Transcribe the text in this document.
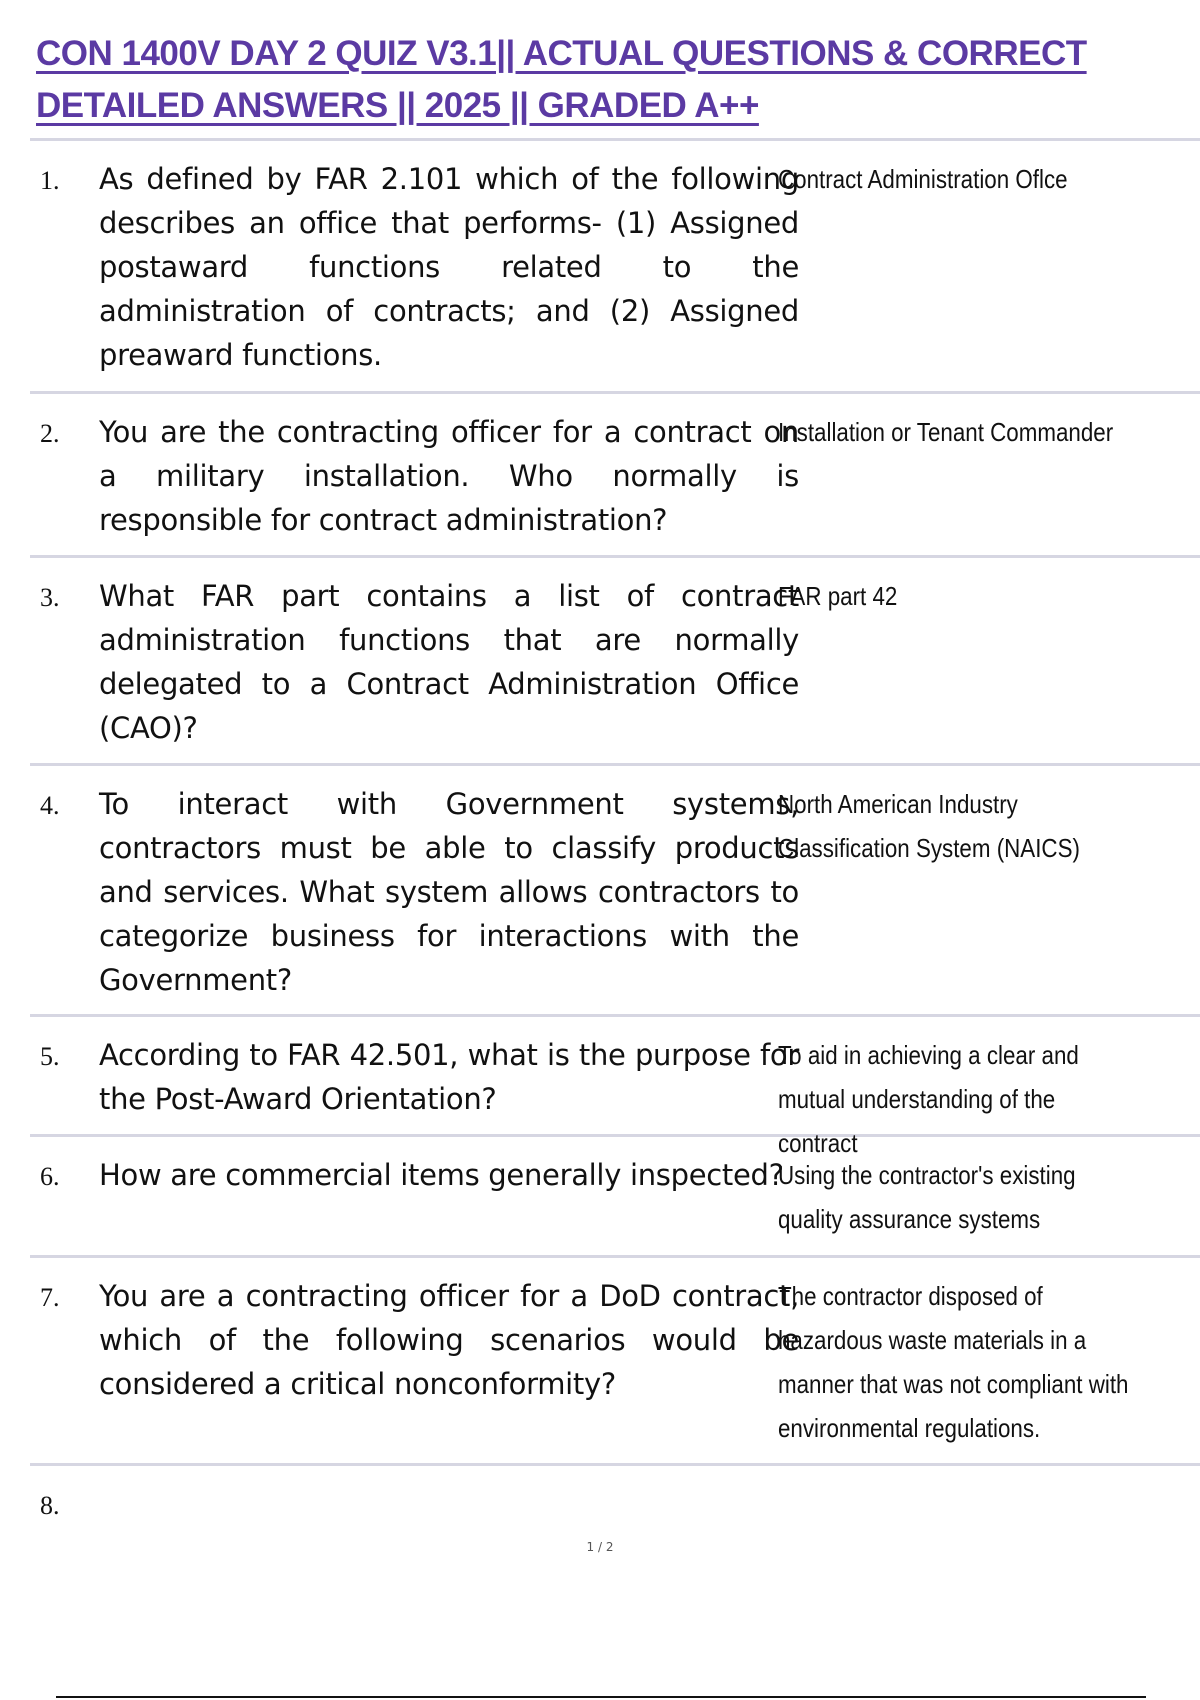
CON 1400V DAY 2 QUIZ V3.1|| ACTUAL QUESTIONS & CORRECT DETAILED ANSWERS || 2025 || GRADED A++
1. As defined by FAR 2.101 which of the following describes an office that performs- (1) Assigned postaward functions related to the administration of contracts; and (2) Assigned preaward functions.

Contract Administration Oflce

2. You are the contracting officer for a contract on a military installation. Who normally is responsible for contract administration?

Installation or Tenant Commander

3. What FAR part contains a list of contract administration functions that are normally delegated to a Contract Administration Office (CAO)?

FAR part 42

4. To interact with Government systems, contractors must be able to classify products and services. What system allows contractors to categorize business for interactions with the Government?

North American Industry Classification System (NAICS)

5. According to FAR 42.501, what is the purpose for the Post-Award Orientation?

To aid in achieving a clear and mutual understanding of the contract

6. How are commercial items generally inspected?

Using the contractor's existing quality assurance systems

7. You are a contracting officer for a DoD contract, which of the following scenarios would be considered a critical nonconformity?

The contractor disposed of hazardous waste materials in a manner that was not compliant with environmental regulations.

8.

1 / 2
